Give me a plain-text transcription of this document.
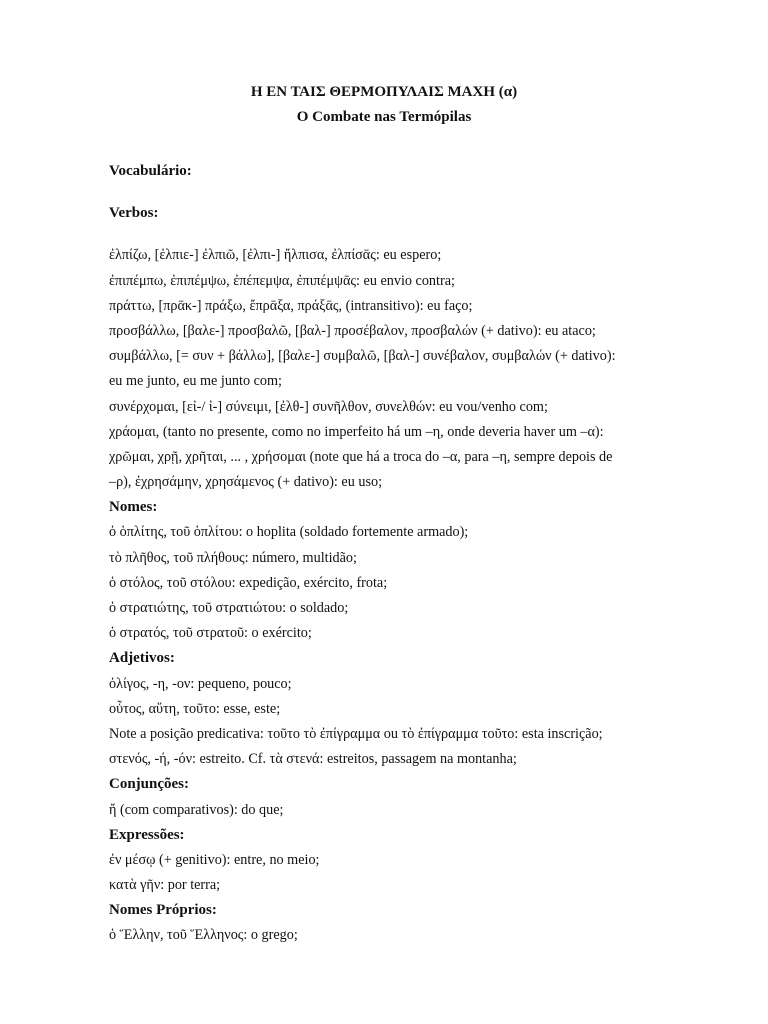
Η ΕΝ ΤΑΙΣ ΘΕΡΜΟΠΥΛΑΙΣ ΜΑΧΗ (α)
O Combate nas Termópilas
Vocabulário:
Verbos:
ἐλπίζω, [ἐλπιε-] ἐλπιῶ, [ἐλπι-] ἤλπισα, ἐλπίσᾱς: eu espero;
ἐπιπέμπω, ἐπιπέμψω, ἐπέπεμψα, ἐπιπέμψᾱς: eu envio contra;
πράττω, [πρᾱκ-] πράξω, ἔπρᾱξα, πράξᾱς, (intransitivo): eu faço;
προσβάλλω, [βαλε-] προσβαλῶ, [βαλ-] προσέβαλον, προσβαλών (+ dativo): eu ataco;
συμβάλλω, [= συν + βάλλω], [βαλε-] συμβαλῶ, [βαλ-] συνέβαλον, συμβαλών (+ dativo):
eu me junto, eu me junto com;
συνέρχομαι, [εἰ-/ ἰ-] σύνειμι, [ἐλθ-] συνῆλθον, συνελθών: eu vou/venho com;
χράομαι, (tanto no presente, como no imperfeito há um –η, onde deveria haver um –α):
χρῶμαι, χρῇ, χρῆται, ... , χρήσομαι (note que há a troca do –α, para –η, sempre depois de
–ρ), ἐχρησάμην, χρησάμενος (+ dativo): eu uso;
Nomes:
ὁ ὁπλίτης, τοῦ ὁπλίτου: o hoplita (soldado fortemente armado);
τὸ πλῆθος, τοῦ πλήθους: número, multidão;
ὁ στόλος, τοῦ στόλου: expedição, exército, frota;
ὁ στρατιώτης, τοῦ στρατιώτου: o soldado;
ὁ στρατός, τοῦ στρατοῦ: o exército;
Adjetivos:
ὀλίγος, -η, -ον: pequeno, pouco;
οὗτος, αὕτη, τοῦτο: esse, este;
Note a posição predicativa: τοῦτο τὸ ἐπίγραμμα ou τὸ ἐπίγραμμα τοῦτο: esta inscrição;
στενός, -ή, -όν: estreito. Cf. τὰ στενά: estreitos, passagem na montanha;
Conjunções:
ἤ (com comparativos): do que;
Expressões:
ἐν μέσῳ (+ genitivo): entre, no meio;
κατὰ γῆν: por terra;
Nomes Próprios:
ὁ Ἕλλην, τοῦ Ἕλληνος: o grego;
